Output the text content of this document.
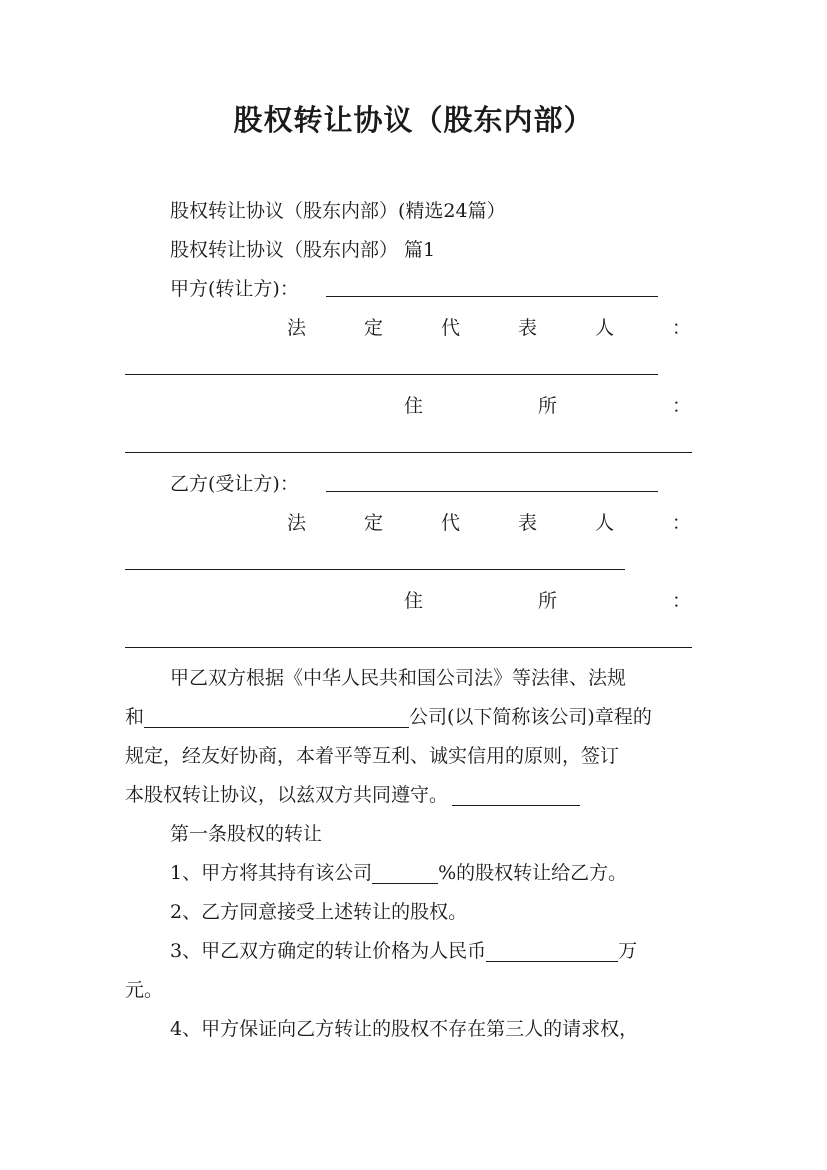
股权转让协议（股东内部）
股权转让协议（股东内部）(精选24篇）
股权转让协议（股东内部） 篇1
甲方(转让方)：
法	定	代	表	人	：
住	所	：
乙方(受让方)：
法	定	代	表	人	：
住	所	：
甲乙双方根据《中华人民共和国公司法》等法律、法规
和	公司(以下简称该公司)章程的
规定，经友好协商，本着平等互利、诚实信用的原则，签订
本股权转让协议，以兹双方共同遵守。
第一条股权的转让
1、甲方将其持有该公司	%的股权转让给乙方。
2、乙方同意接受上述转让的股权。
3、甲乙双方确定的转让价格为人民币	万
元。
4、甲方保证向乙方转让的股权不存在第三人的请求权，
